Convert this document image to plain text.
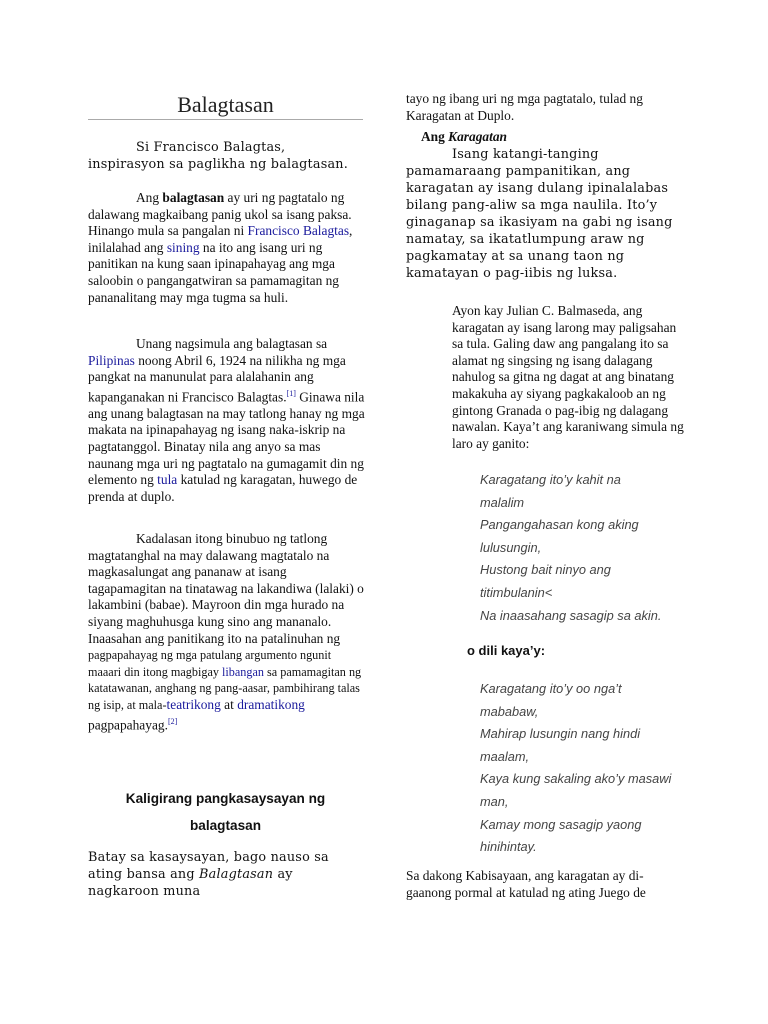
Balagtasan
Si Francisco Balagtas, inspirasyon sa paglikha ng balagtasan.
Ang balagtasan ay uri ng pagtatalo ng dalawang magkaibang panig ukol sa isang paksa. Hinango mula sa pangalan ni Francisco Balagtas, inilalahad ang sining na ito ang isang uri ng panitikan na kung saan ipinapahayag ang mga saloobin o pangangatwiran sa pamamagitan ng pananalitang may mga tugma sa huli.
Unang nagsimula ang balagtasan sa Pilipinas noong Abril 6, 1924 na nilikha ng mga pangkat na manunulat para alalahanin ang kapanganakan ni Francisco Balagtas.[1] Ginawa nila ang unang balagtasan na may tatlong hanay ng mga makata na ipinapahayag ng isang naka-iskrip na pagtatanggol. Binatay nila ang anyo sa mas naunang mga uri ng pagtatalo na gumagamit din ng elemento ng tula katulad ng karagatan, huwego de prenda at duplo.
Kadalasan itong binubuo ng tatlong magtatanghal na may dalawang magtatalo na magkasalungat ang pananaw at isang tagapamagitan na tinatawag na lakandiwa (lalaki) o lakambini (babae). Mayroon din mga hurado na siyang maghuhusga kung sino ang mananalo. Inaasahan ang panitikang ito na patalinuhan ng pagpapahayag ng mga patulang argumento ngunit maaari din itong magbigay libangan sa pamamagitan ng katatawanan, anghang ng pang-aasar, pambihirang talas ng isip, at mala-teatrikong at dramatikong pagpapahayag.[2]
Kaligirang pangkasaysayan ng
balagtasan
Batay sa kasaysayan, bago nauso sa ating bansa ang Balagtasan ay nagkaroon muna
tayo ng ibang uri ng mga pagtatalo, tulad ng Karagatan at Duplo.
Ang Karagatan
Isang katangi-tanging pamamaraang pampanitikan, ang karagatan ay isang dulang ipinalalabas bilang pang-aliw sa mga naulila. Ito’y ginaganap sa ikasiyam na gabi ng isang namatay, sa ikatatlumpung araw ng pagkamatay at sa unang taon ng kamatayan o pag-iibis ng luksa.
Ayon kay Julian C. Balmaseda, ang karagatan ay isang larong may paligsahan sa tula. Galing daw ang pangalang ito sa alamat ng singsing ng isang dalagang nahulog sa gitna ng dagat at ang binatang makakuha ay siyang pagkakaloob an ng gintong Granada o pag-ibig ng dalagang nawalan. Kaya’t ang karaniwang simula ng laro ay ganito:
Karagatang ito’y kahit na
malalim
Pangangahasan kong aking
lulusungin,
Hustong bait ninyo ang
titimbulanin<
Na inaasahang sasagip sa akin.
o dili kaya’y:
Karagatang ito’y oo nga’t
mababaw,
Mahirap lusungin nang hindi
maalam,
Kaya kung sakaling ako’y masawi
man,
Kamay mong sasagip yaong
hinihintay.
Sa dakong Kabisayaan, ang karagatan ay di-gaanong pormal at katulad ng ating Juego de
